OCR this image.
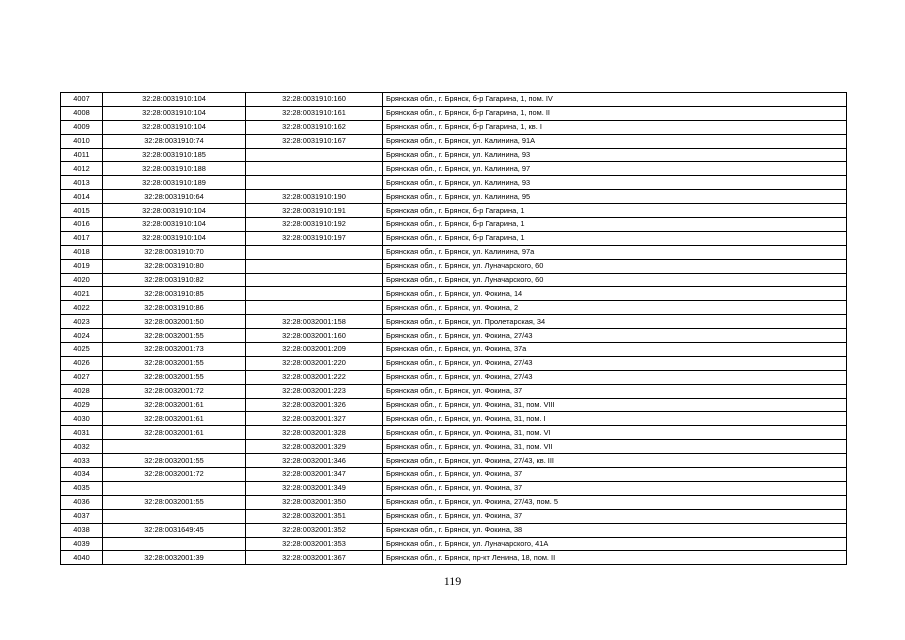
4007	32:28:0031910:104	32:28:0031910:160	Брянская обл., г. Брянск, б-р Гагарина, 1, пом. IV
4008	32:28:0031910:104	32:28:0031910:161	Брянская обл., г. Брянск, б-р Гагарина, 1, пом. II
4009	32:28:0031910:104	32:28:0031910:162	Брянская обл., г. Брянск, б-р Гагарина, 1, кв. I
4010	32:28:0031910:74	32:28:0031910:167	Брянская обл., г. Брянск, ул. Калинина, 91А
4011	32:28:0031910:185		Брянская обл., г. Брянск, ул. Калинина, 93
4012	32:28:0031910:188		Брянская обл., г. Брянск, ул. Калинина, 97
4013	32:28:0031910:189		Брянская обл., г. Брянск, ул. Калинина, 93
4014	32:28:0031910:64	32:28:0031910:190	Брянская обл., г. Брянск, ул. Калинина, 95
4015	32:28:0031910:104	32:28:0031910:191	Брянская обл., г. Брянск, б-р Гагарина, 1
4016	32:28:0031910:104	32:28:0031910:192	Брянская обл., г. Брянск, б-р Гагарина, 1
4017	32:28:0031910:104	32:28:0031910:197	Брянская обл., г. Брянск, б-р Гагарина, 1
4018	32:28:0031910:70		Брянская обл., г. Брянск, ул. Калинина, 97а
4019	32:28:0031910:80		Брянская обл., г. Брянск, ул. Луначарского, 60
4020	32:28:0031910:82		Брянская обл., г. Брянск, ул. Луначарского, 60
4021	32:28:0031910:85		Брянская обл., г. Брянск, ул. Фокина, 14
4022	32:28:0031910:86		Брянская обл., г. Брянск, ул. Фокина, 2
4023	32:28:0032001:50	32:28:0032001:158	Брянская обл., г. Брянск, ул. Пролетарская, 34
4024	32:28:0032001:55	32:28:0032001:160	Брянская обл., г. Брянск, ул. Фокина, 27/43
4025	32:28:0032001:73	32:28:0032001:209	Брянская обл., г. Брянск, ул. Фокина, 37а
4026	32:28:0032001:55	32:28:0032001:220	Брянская обл., г. Брянск, ул. Фокина, 27/43
4027	32:28:0032001:55	32:28:0032001:222	Брянская обл., г. Брянск, ул. Фокина, 27/43
4028	32:28:0032001:72	32:28:0032001:223	Брянская обл., г. Брянск, ул. Фокина, 37
4029	32:28:0032001:61	32:28:0032001:326	Брянская обл., г. Брянск, ул. Фокина, 31, пом. VIII
4030	32:28:0032001:61	32:28:0032001:327	Брянская обл., г. Брянск, ул. Фокина, 31, пом. I
4031	32:28:0032001:61	32:28:0032001:328	Брянская обл., г. Брянск, ул. Фокина, 31, пом. VI
4032		32:28:0032001:329	Брянская обл., г. Брянск, ул. Фокина, 31, пом. VII
4033	32:28:0032001:55	32:28:0032001:346	Брянская обл., г. Брянск, ул. Фокина, 27/43, кв. III
4034	32:28:0032001:72	32:28:0032001:347	Брянская обл., г. Брянск, ул. Фокина, 37
4035		32:28:0032001:349	Брянская обл., г. Брянск, ул. Фокина, 37
4036	32:28:0032001:55	32:28:0032001:350	Брянская обл., г. Брянск, ул. Фокина, 27/43, пом. 5
4037		32:28:0032001:351	Брянская обл., г. Брянск, ул. Фокина, 37
4038	32:28:0031649:45	32:28:0032001:352	Брянская обл., г. Брянск, ул. Фокина, 38
4039		32:28:0032001:353	Брянская обл., г. Брянск, ул. Луначарского, 41А
4040	32:28:0032001:39	32:28:0032001:367	Брянская обл., г. Брянск, пр-кт Ленина, 18, пом. II
119
